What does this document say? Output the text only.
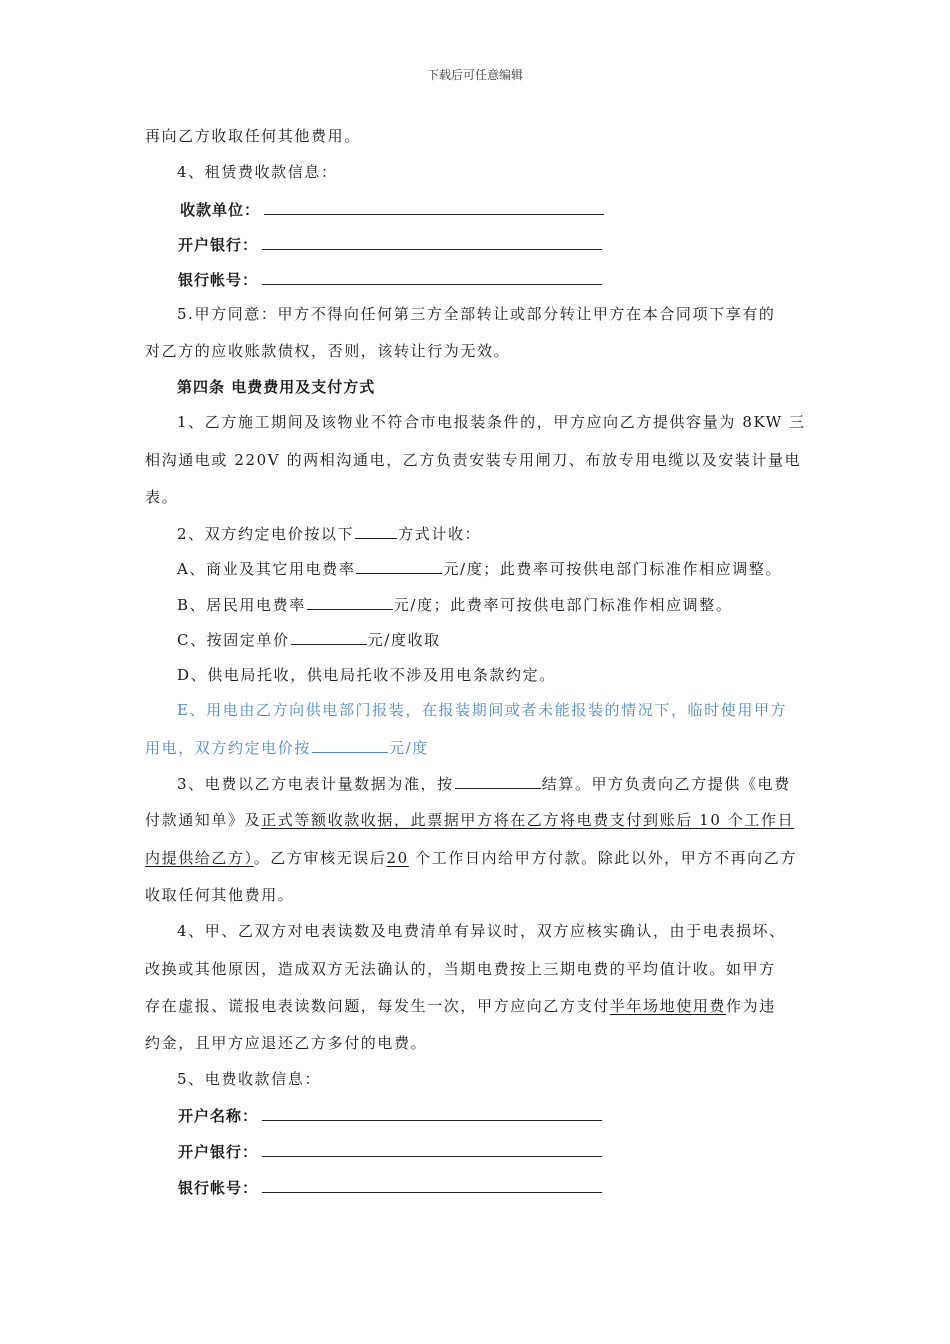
下载后可任意编辑
再向乙方收取任何其他费用。
4、租赁费收款信息：
收款单位：
开户银行：
银行帐号：
5.甲方同意：甲方不得向任何第三方全部转让或部分转让甲方在本合同项下享有的
对乙方的应收账款债权，否则，该转让行为无效。
第四条 电费费用及支付方式
1、乙方施工期间及该物业不符合市电报装条件的，甲方应向乙方提供容量为 8KW 三
相沟通电或 220V 的两相沟通电，乙方负责安装专用闸刀、布放专用电缆以及安装计量电
表。
2、双方约定电价按以下	方式计收：
A、商业及其它用电费率	元/度；此费率可按供电部门标准作相应调整。
B、居民用电费率	元/度；此费率可按供电部门标准作相应调整。
C、按固定单价	元/度收取
D、供电局托收，供电局托收不涉及用电条款约定。
E、用电由乙方向供电部门报装，在报装期间或者未能报装的情况下，临时使用甲方
用电，双方约定电价按	元/度
3、电费以乙方电表计量数据为准，按	结算。甲方负责向乙方提供《电费
付款通知单》及正式等额收款收据，此票据甲方将在乙方将电费支付到账后 10 个工作日
内提供给乙方）。乙方审核无误后20 个工作日内给甲方付款。除此以外，甲方不再向乙方
收取任何其他费用。
4、甲、乙双方对电表读数及电费清单有异议时，双方应核实确认，由于电表损坏、
改换或其他原因，造成双方无法确认的，当期电费按上三期电费的平均值计收。如甲方
存在虚报、谎报电表读数问题，每发生一次，甲方应向乙方支付半年场地使用费作为违
约金，且甲方应退还乙方多付的电费。
5、电费收款信息：
开户名称：
开户银行：
银行帐号：
